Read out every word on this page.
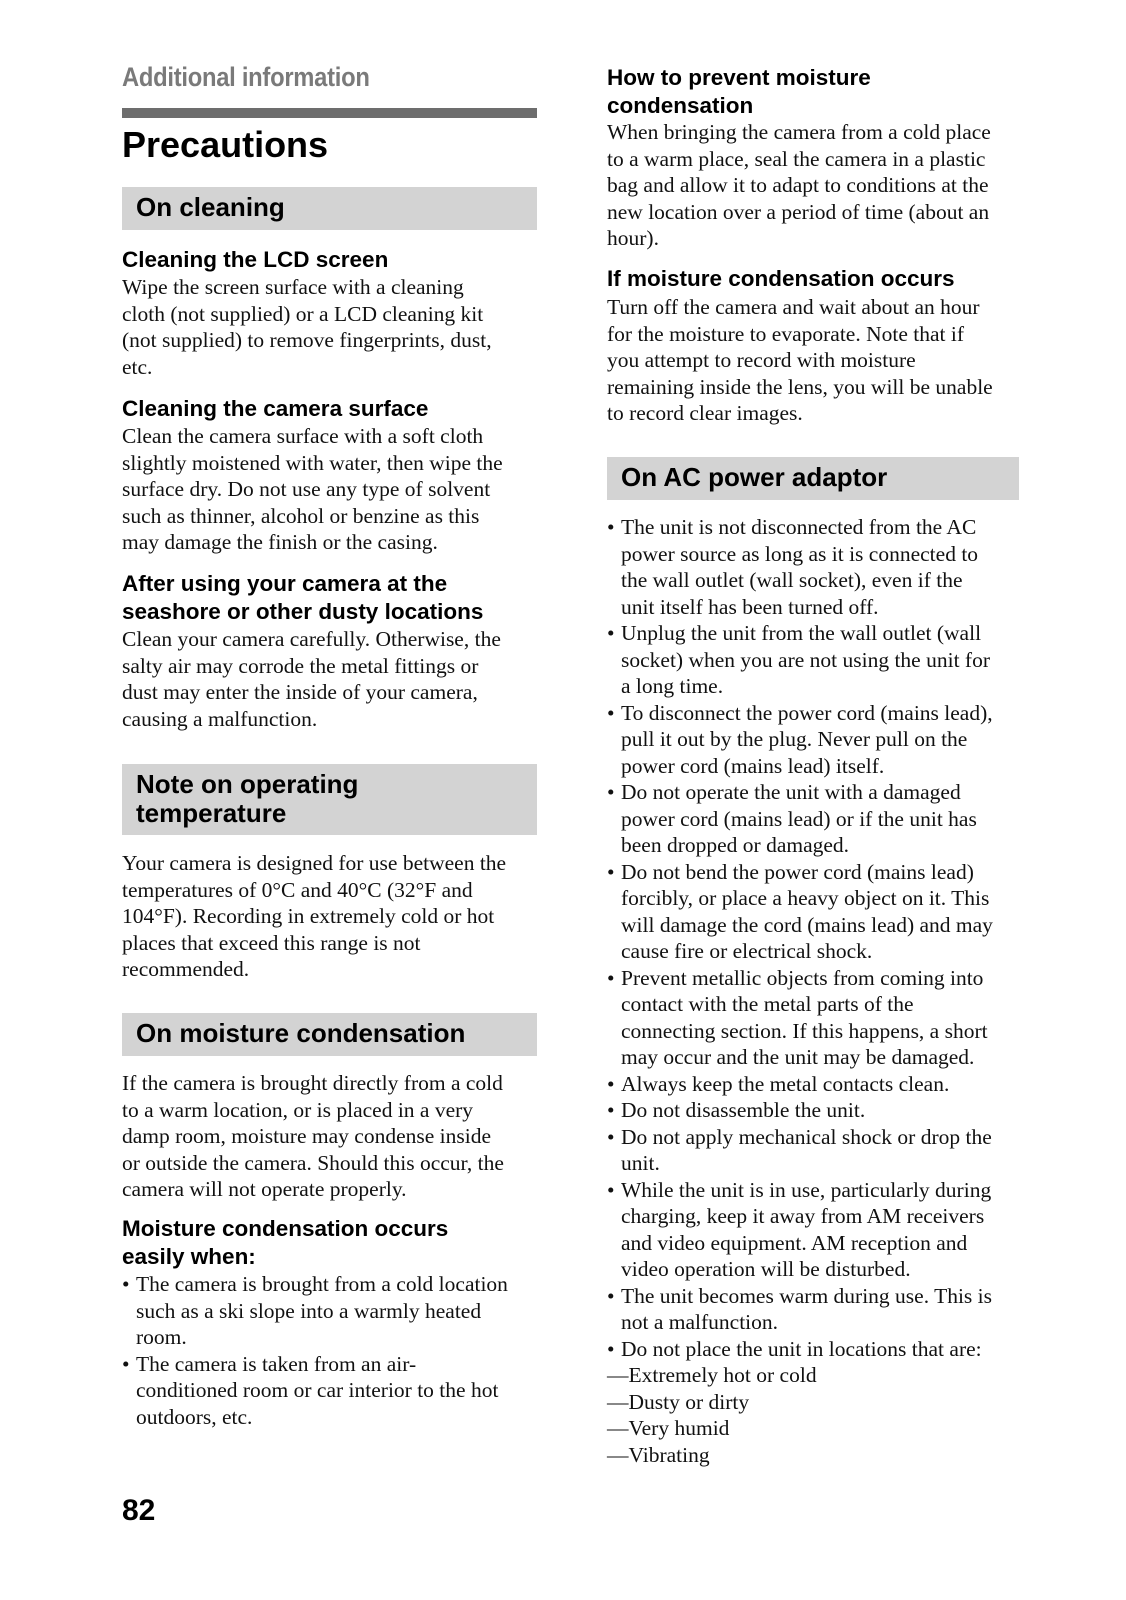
Additional information
Precautions
On cleaning
Cleaning the LCD screen
Wipe the screen surface with a cleaning
cloth (not supplied) or a LCD cleaning kit
(not supplied) to remove fingerprints, dust,
etc.
Cleaning the camera surface
Clean the camera surface with a soft cloth
slightly moistened with water, then wipe the
surface dry. Do not use any type of solvent
such as thinner, alcohol or benzine as this
may damage the finish or the casing.
After using your camera at the
seashore or other dusty locations
Clean your camera carefully. Otherwise, the
salty air may corrode the metal fittings or
dust may enter the inside of your camera,
causing a malfunction.
Note on operating
temperature
Your camera is designed for use between the
temperatures of 0°C and 40°C (32°F and
104°F). Recording in extremely cold or hot
places that exceed this range is not
recommended.
On moisture condensation
If the camera is brought directly from a cold
to a warm location, or is placed in a very
damp room, moisture may condense inside
or outside the camera. Should this occur, the
camera will not operate properly.
Moisture condensation occurs
easily when:
• The camera is brought from a cold location
such as a ski slope into a warmly heated
room.
• The camera is taken from an air-
conditioned room or car interior to the hot
outdoors, etc.
How to prevent moisture
condensation
When bringing the camera from a cold place
to a warm place, seal the camera in a plastic
bag and allow it to adapt to conditions at the
new location over a period of time (about an
hour).
If moisture condensation occurs
Turn off the camera and wait about an hour
for the moisture to evaporate. Note that if
you attempt to record with moisture
remaining inside the lens, you will be unable
to record clear images.
On AC power adaptor
• The unit is not disconnected from the AC
power source as long as it is connected to
the wall outlet (wall socket), even if the
unit itself has been turned off.
• Unplug the unit from the wall outlet (wall
socket) when you are not using the unit for
a long time.
• To disconnect the power cord (mains lead),
pull it out by the plug. Never pull on the
power cord (mains lead) itself.
• Do not operate the unit with a damaged
power cord (mains lead) or if the unit has
been dropped or damaged.
• Do not bend the power cord (mains lead)
forcibly, or place a heavy object on it. This
will damage the cord (mains lead) and may
cause fire or electrical shock.
• Prevent metallic objects from coming into
contact with the metal parts of the
connecting section. If this happens, a short
may occur and the unit may be damaged.
• Always keep the metal contacts clean.
• Do not disassemble the unit.
• Do not apply mechanical shock or drop the
unit.
• While the unit is in use, particularly during
charging, keep it away from AM receivers
and video equipment. AM reception and
video operation will be disturbed.
• The unit becomes warm during use. This is
not a malfunction.
• Do not place the unit in locations that are:
—Extremely hot or cold
—Dusty or dirty
—Very humid
—Vibrating
82
